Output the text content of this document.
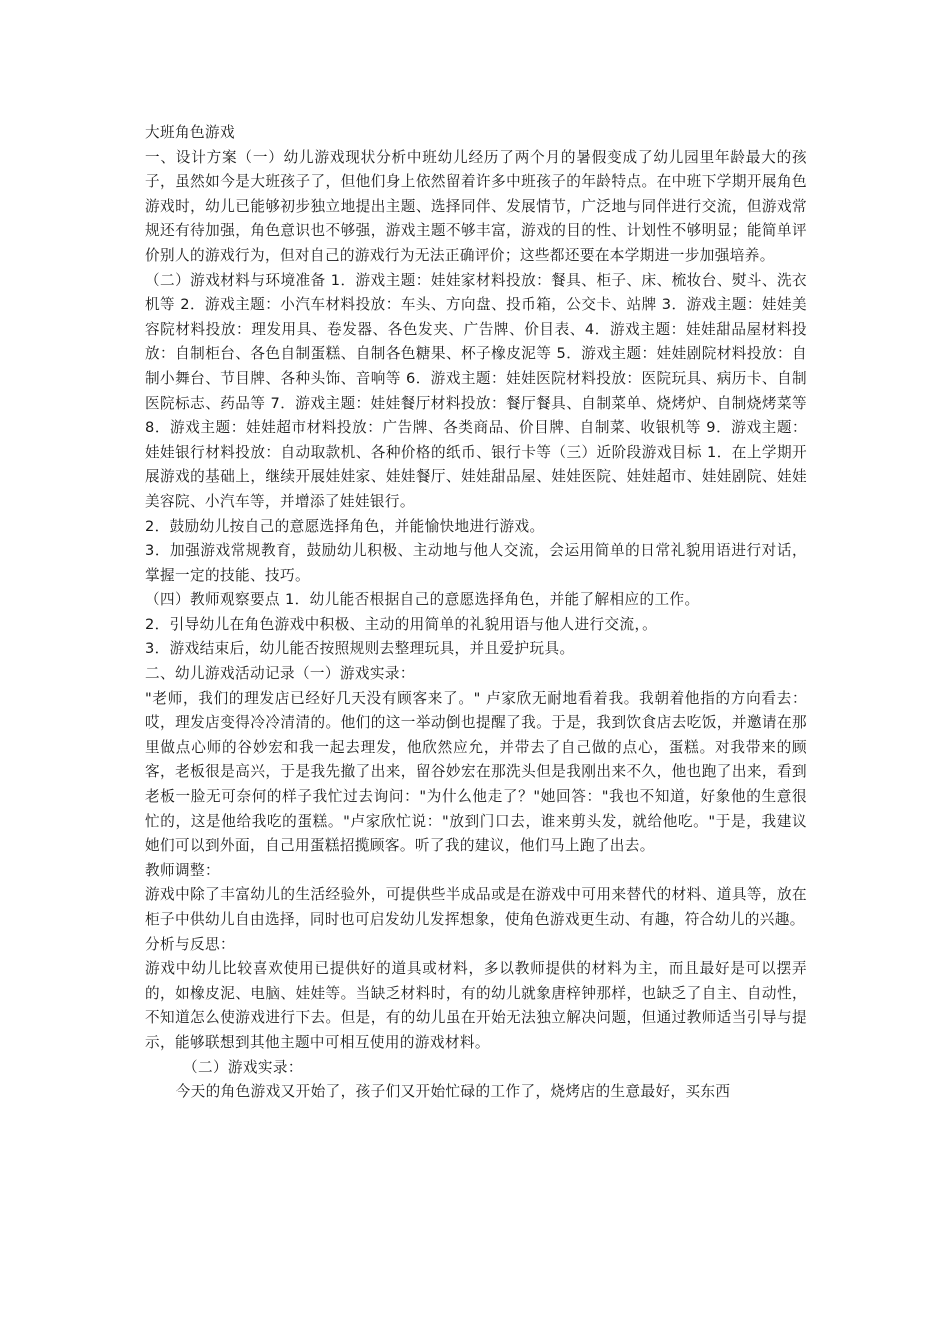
大班角色游戏

一、设计方案（一）幼儿游戏现状分析中班幼儿经历了两个月的暑假变成了幼儿园里年龄最大的孩子，虽然如今是大班孩子了，但他们身上依然留着许多中班孩子的年龄特点。在中班下学期开展角色游戏时，幼儿已能够初步独立地提出主题、选择同伴、发展情节，广泛地与同伴进行交流，但游戏常规还有待加强，角色意识也不够强，游戏主题不够丰富，游戏的目的性、计划性不够明显；能简单评价别人的游戏行为，但对自己的游戏行为无法正确评价；这些都还要在本学期进一步加强培养。

（二）游戏材料与环境准备 1．游戏主题：娃娃家材料投放：餐具、柜子、床、梳妆台、熨斗、洗衣机等 2．游戏主题：小汽车材料投放：车头、方向盘、投币箱，公交卡、站牌 3．游戏主题：娃娃美容院材料投放：理发用具、卷发器、各色发夹、广告牌、价目表、4．游戏主题：娃娃甜品屋材料投放：自制柜台、各色自制蛋糕、自制各色糖果、杯子橡皮泥等 5．游戏主题：娃娃剧院材料投放：自制小舞台、节目牌、各种头饰、音响等 6．游戏主题：娃娃医院材料投放：医院玩具、病历卡、自制医院标志、药品等 7．游戏主题：娃娃餐厅材料投放：餐厅餐具、自制菜单、烧烤炉、自制烧烤菜等 8．游戏主题：娃娃超市材料投放：广告牌、各类商品、价目牌、自制菜、收银机等 9．游戏主题：娃娃银行材料投放：自动取款机、各种价格的纸币、银行卡等（三）近阶段游戏目标 1．在上学期开展游戏的基础上，继续开展娃娃家、娃娃餐厅、娃娃甜品屋、娃娃医院、娃娃超市、娃娃剧院、娃娃美容院、小汽车等，并增添了娃娃银行。

2．鼓励幼儿按自己的意愿选择角色，并能愉快地进行游戏。

3．加强游戏常规教育，鼓励幼儿积极、主动地与他人交流，会运用简单的日常礼貌用语进行对话，掌握一定的技能、技巧。

（四）教师观察要点 1．幼儿能否根据自己的意愿选择角色，并能了解相应的工作。

2．引导幼儿在角色游戏中积极、主动的用简单的礼貌用语与他人进行交流，。

3．游戏结束后，幼儿能否按照规则去整理玩具，并且爱护玩具。

二、幼儿游戏活动记录（一）游戏实录：

"老师，我们的理发店已经好几天没有顾客来了。" 卢家欣无耐地看着我。我朝着他指的方向看去：哎，理发店变得冷冷清清的。他们的这一举动倒也提醒了我。于是，我到饮食店去吃饭，并邀请在那里做点心师的谷妙宏和我一起去理发，他欣然应允，并带去了自己做的点心，蛋糕。对我带来的顾客，老板很是高兴，于是我先撤了出来，留谷妙宏在那洗头但是我刚出来不久，他也跑了出来，看到老板一脸无可奈何的样子我忙过去询问："为什么他走了？"她回答："我也不知道，好象他的生意很忙的，这是他给我吃的蛋糕。"卢家欣忙说："放到门口去，谁来剪头发，就给他吃。"于是，我建议她们可以到外面，自己用蛋糕招揽顾客。听了我的建议，他们马上跑了出去。

教师调整：

游戏中除了丰富幼儿的生活经验外，可提供些半成品或是在游戏中可用来替代的材料、道具等，放在柜子中供幼儿自由选择，同时也可启发幼儿发挥想象，使角色游戏更生动、有趣，符合幼儿的兴趣。

分析与反思：

游戏中幼儿比较喜欢使用已提供好的道具或材料，多以教师提供的材料为主，而且最好是可以摆弄的，如橡皮泥、电脑、娃娃等。当缺乏材料时，有的幼儿就象唐梓钟那样，也缺乏了自主、自动性，不知道怎么使游戏进行下去。但是，有的幼儿虽在开始无法独立解决问题，但通过教师适当引导与提示，能够联想到其他主题中可相互使用的游戏材料。

（二）游戏实录：

今天的角色游戏又开始了，孩子们又开始忙碌的工作了，烧烤店的生意最好，买东西
